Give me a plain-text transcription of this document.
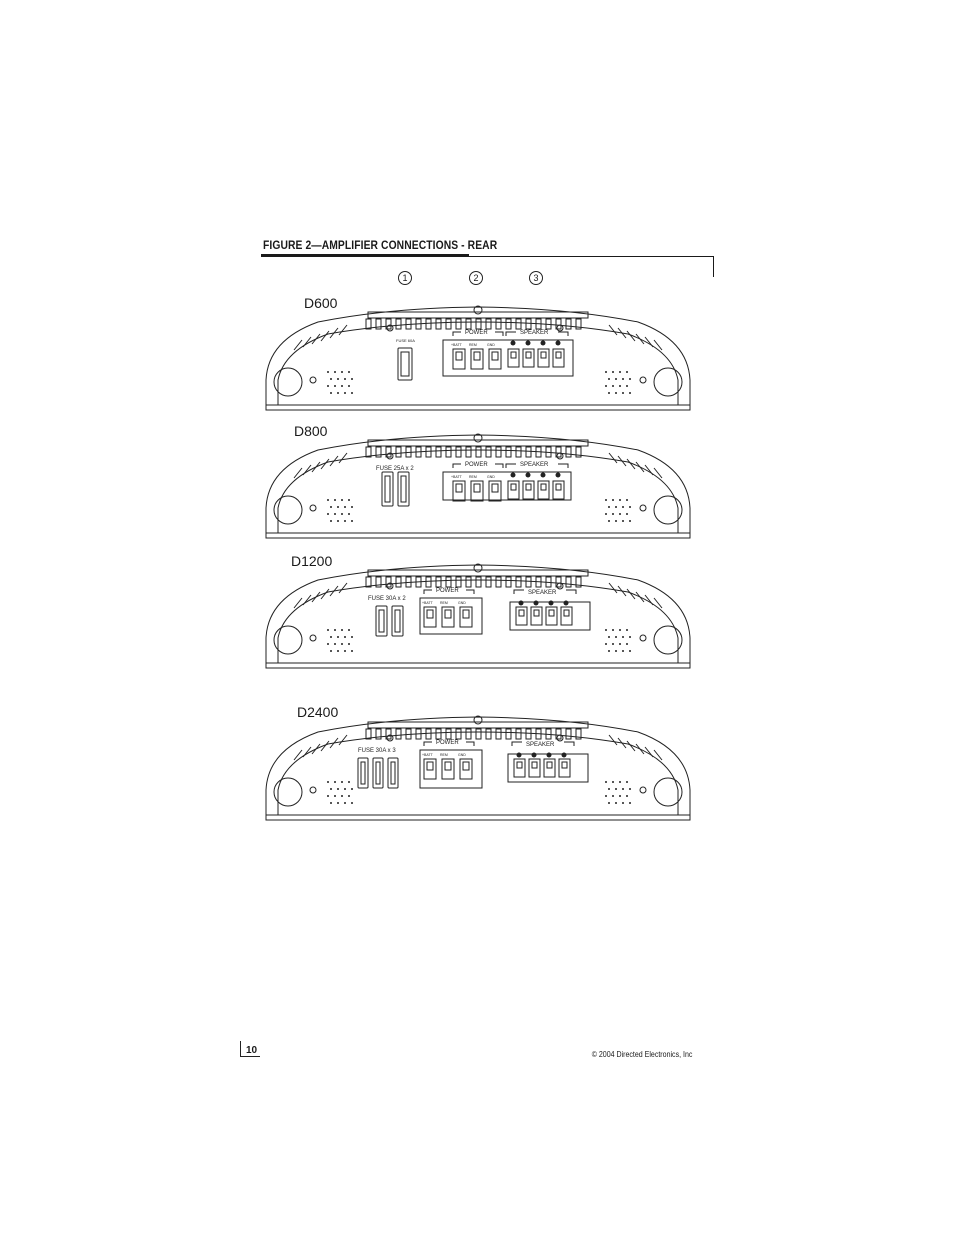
FIGURE 2—AMPLIFIER CONNECTIONS - REAR
1	2	3
D600
D800
D1200
D2400
FUSE 60A
POWER
+BATT REM	GND
SPEAKER
FUSE 25A x 2
POWER
+BATT REM	GND
SPEAKER
FUSE 30A x 2
POWER
+BATT REM	GND
SPEAKER
FUSE 30A x 3
POWER
+BATT REM	GND
SPEAKER
10	© 2004 Directed Electronics, Inc
